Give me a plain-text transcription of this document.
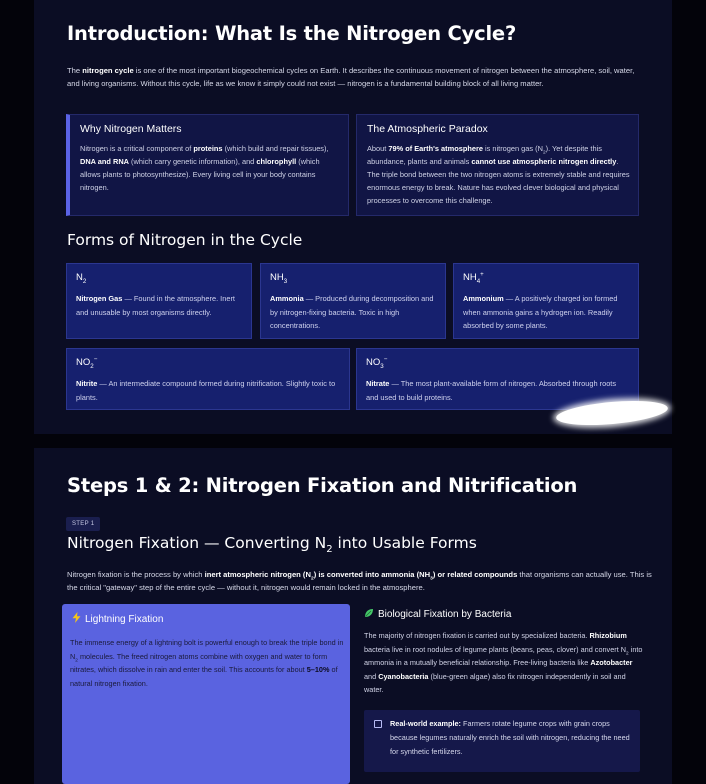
Introduction: What Is the Nitrogen Cycle?
The nitrogen cycle is one of the most important biogeochemical cycles on Earth. It describes the continuous movement of nitrogen between the atmosphere, soil, water, and living organisms. Without this cycle, life as we know it simply could not exist — nitrogen is a fundamental building block of all living matter.
Why Nitrogen Matters
Nitrogen is a critical component of proteins (which build and repair tissues), DNA and RNA (which carry genetic information), and chlorophyll (which allows plants to photosynthesize). Every living cell in your body contains nitrogen.
The Atmospheric Paradox
About 79% of Earth's atmosphere is nitrogen gas $(N_2)$. Yet despite this abundance, plants and animals cannot use atmospheric nitrogen directly. The triple bond between the two nitrogen atoms is extremely stable and requires enormous energy to break. Nature has evolved clever biological and physical processes to overcome this challenge.
Forms of Nitrogen in the Cycle
$N_2$
Nitrogen Gas — Found in the atmosphere. Inert and unusable by most organisms directly.
$NH_3$
Ammonia — Produced during decomposition and by nitrogen-fixing bacteria. Toxic in high concentrations.
$NH_4^+$
Ammonium — A positively charged ion formed when ammonia gains a hydrogen ion. Readily absorbed by some plants.
$NO_2^-$
Nitrite — An intermediate compound formed during nitrification. Slightly toxic to plants.
$NO_3^-$
Nitrate — The most plant-available form of nitrogen. Absorbed through roots and used to build proteins.
Steps 1 & 2: Nitrogen Fixation and Nitrification
STEP 1
Nitrogen Fixation — Converting $N_2$ into Usable Forms
Nitrogen fixation is the process by which inert atmospheric nitrogen $(N_2)$ is converted into ammonia $(NH_3)$ or related compounds that organisms can actually use. This is the critical "gateway" step of the entire cycle — without it, nitrogen would remain locked in the atmosphere.
Lightning Fixation
The immense energy of a lightning bolt is powerful enough to break the triple bond in $N_2$ molecules. The freed nitrogen atoms combine with oxygen and water to form nitrates, which dissolve in rain and enter the soil. This accounts for about 5–10% of natural nitrogen fixation.
Biological Fixation by Bacteria
The majority of nitrogen fixation is carried out by specialized bacteria. Rhizobium bacteria live in root nodules of legume plants (beans, peas, clover) and convert $N_2$ into ammonia in a mutually beneficial relationship. Free-living bacteria like Azotobacter and Cyanobacteria (blue-green algae) also fix nitrogen independently in soil and water.
Real-world example: Farmers rotate legume crops with grain crops because legumes naturally enrich the soil with nitrogen, reducing the need for synthetic fertilizers.
